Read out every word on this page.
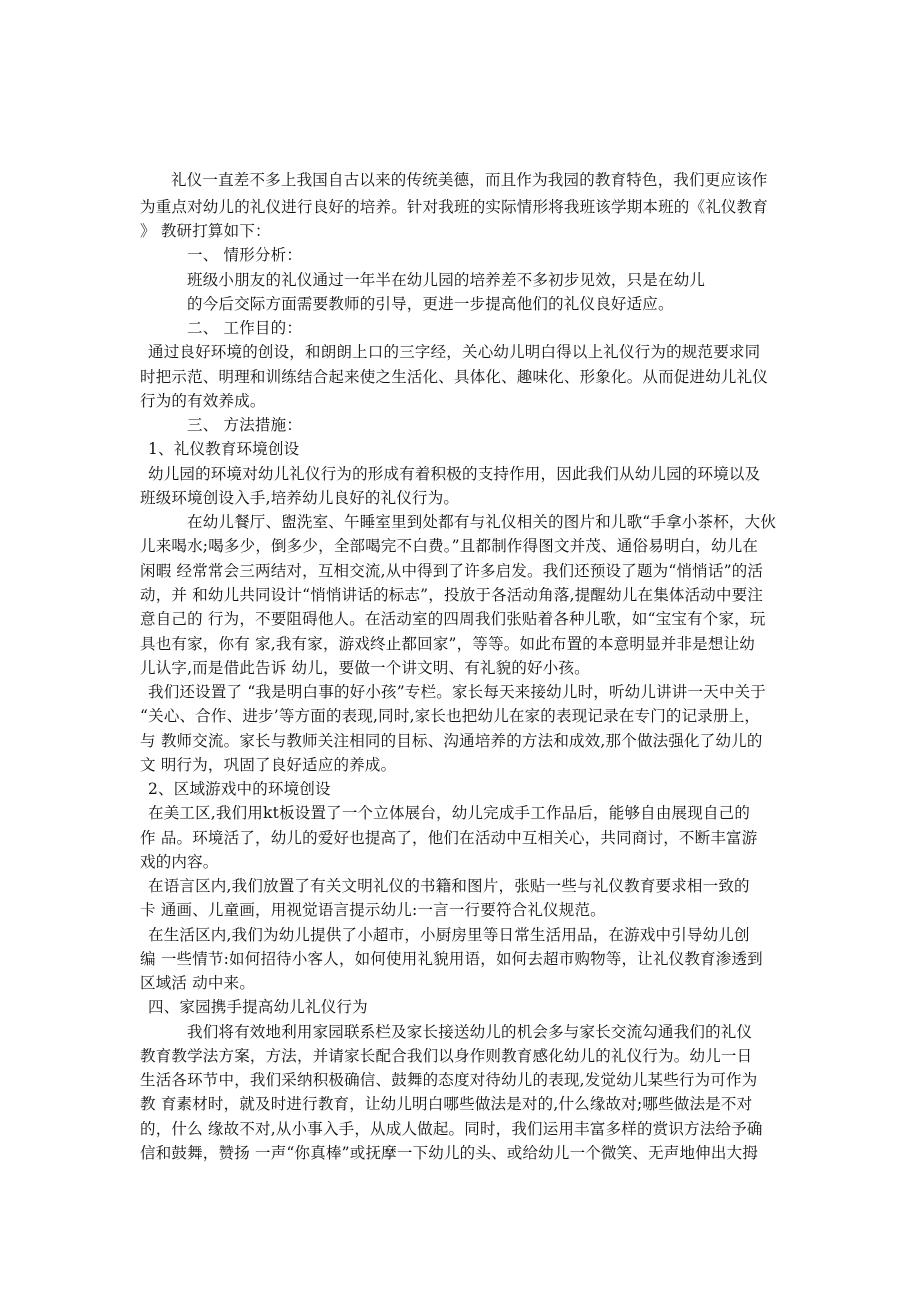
礼仪一直差不多上我国自古以来的传统美德，而且作为我园的教育特色，我们更应该作
为重点对幼儿的礼仪进行良好的培养。针对我班的实际情形将我班该学期本班的《礼仪教育
》 教研打算如下：
一、 情形分析：
班级小朋友的礼仪通过一年半在幼儿园的培养差不多初步见效，只是在幼儿
的今后交际方面需要教师的引导，更进一步提高他们的礼仪良好适应。
二、 工作目的：
通过良好环境的创设，和朗朗上口的三字经，关心幼儿明白得以上礼仪行为的规范要求同
时把示范、明理和训练结合起来使之生活化、具体化、趣味化、形象化。从而促进幼儿礼仪
行为的有效养成。
三、 方法措施：
1、礼仪教育环境创设
幼儿园的环境对幼儿礼仪行为的形成有着积极的支持作用，因此我们从幼儿园的环境以及
班级环境创设入手,培养幼儿良好的礼仪行为。
在幼儿餐厅、盥洗室、午睡室里到处都有与礼仪相关的图片和儿歌“手拿小茶杯，大伙
儿来喝水;喝多少，倒多少，全部喝完不白费。”且都制作得图文并茂、通俗易明白，幼儿在
闲暇 经常常会三两结对，互相交流,从中得到了许多启发。我们还预设了题为“悄悄话”的活
动，并 和幼儿共同设计“悄悄讲话的标志”，投放于各活动角落,提醒幼儿在集体活动中要注
意自己的 行为，不要阻碍他人。在活动室的四周我们张贴着各种儿歌，如“宝宝有个家，玩
具也有家，你有 家,我有家，游戏终止都回家”，等等。如此布置的本意明显并非是想让幼
儿认字,而是借此告诉 幼儿，要做一个讲文明、有礼貌的好小孩。
我们还设置了 “我是明白事的好小孩”专栏。家长每天来接幼儿时，听幼儿讲讲一天中关于
“关心、合作、进步’等方面的表现,同时,家长也把幼儿在家的表现记录在专门的记录册上，
与 教师交流。家长与教师关注相同的目标、沟通培养的方法和成效,那个做法强化了幼儿的
文 明行为，巩固了良好适应的养成。
2、区域游戏中的环境创设
在美工区,我们用kt板设置了一个立体展台，幼儿完成手工作品后，能够自由展现自己的
作 品。环境活了，幼儿的爱好也提高了，他们在活动中互相关心，共同商讨，不断丰富游
戏的内容。
在语言区内,我们放置了有关文明礼仪的书籍和图片，张贴一些与礼仪教育要求相一致的
卡 通画、儿童画，用视觉语言提示幼儿:一言一行要符合礼仪规范。
在生活区内,我们为幼儿提供了小超市，小厨房里等日常生活用品，在游戏中引导幼儿创
编 一些情节:如何招待小客人，如何使用礼貌用语，如何去超市购物等，让礼仪教育渗透到
区域活 动中来。
四、家园携手提高幼儿礼仪行为
我们将有效地利用家园联系栏及家长接送幼儿的机会多与家长交流勾通我们的礼仪
教育教学法方案，方法，并请家长配合我们以身作则教育感化幼儿的礼仪行为。幼儿一日
生活各环节中，我们采纳积极确信、鼓舞的态度对待幼儿的表现,发觉幼儿某些行为可作为
教 育素材时，就及时进行教育，让幼儿明白哪些做法是对的,什么缘故对;哪些做法是不对
的，什么 缘故不对,从小事入手，从成人做起。同时，我们运用丰富多样的赏识方法给予确
信和鼓舞，赞扬 一声“你真棒”或抚摩一下幼儿的头、或给幼儿一个微笑、无声地伸出大拇
